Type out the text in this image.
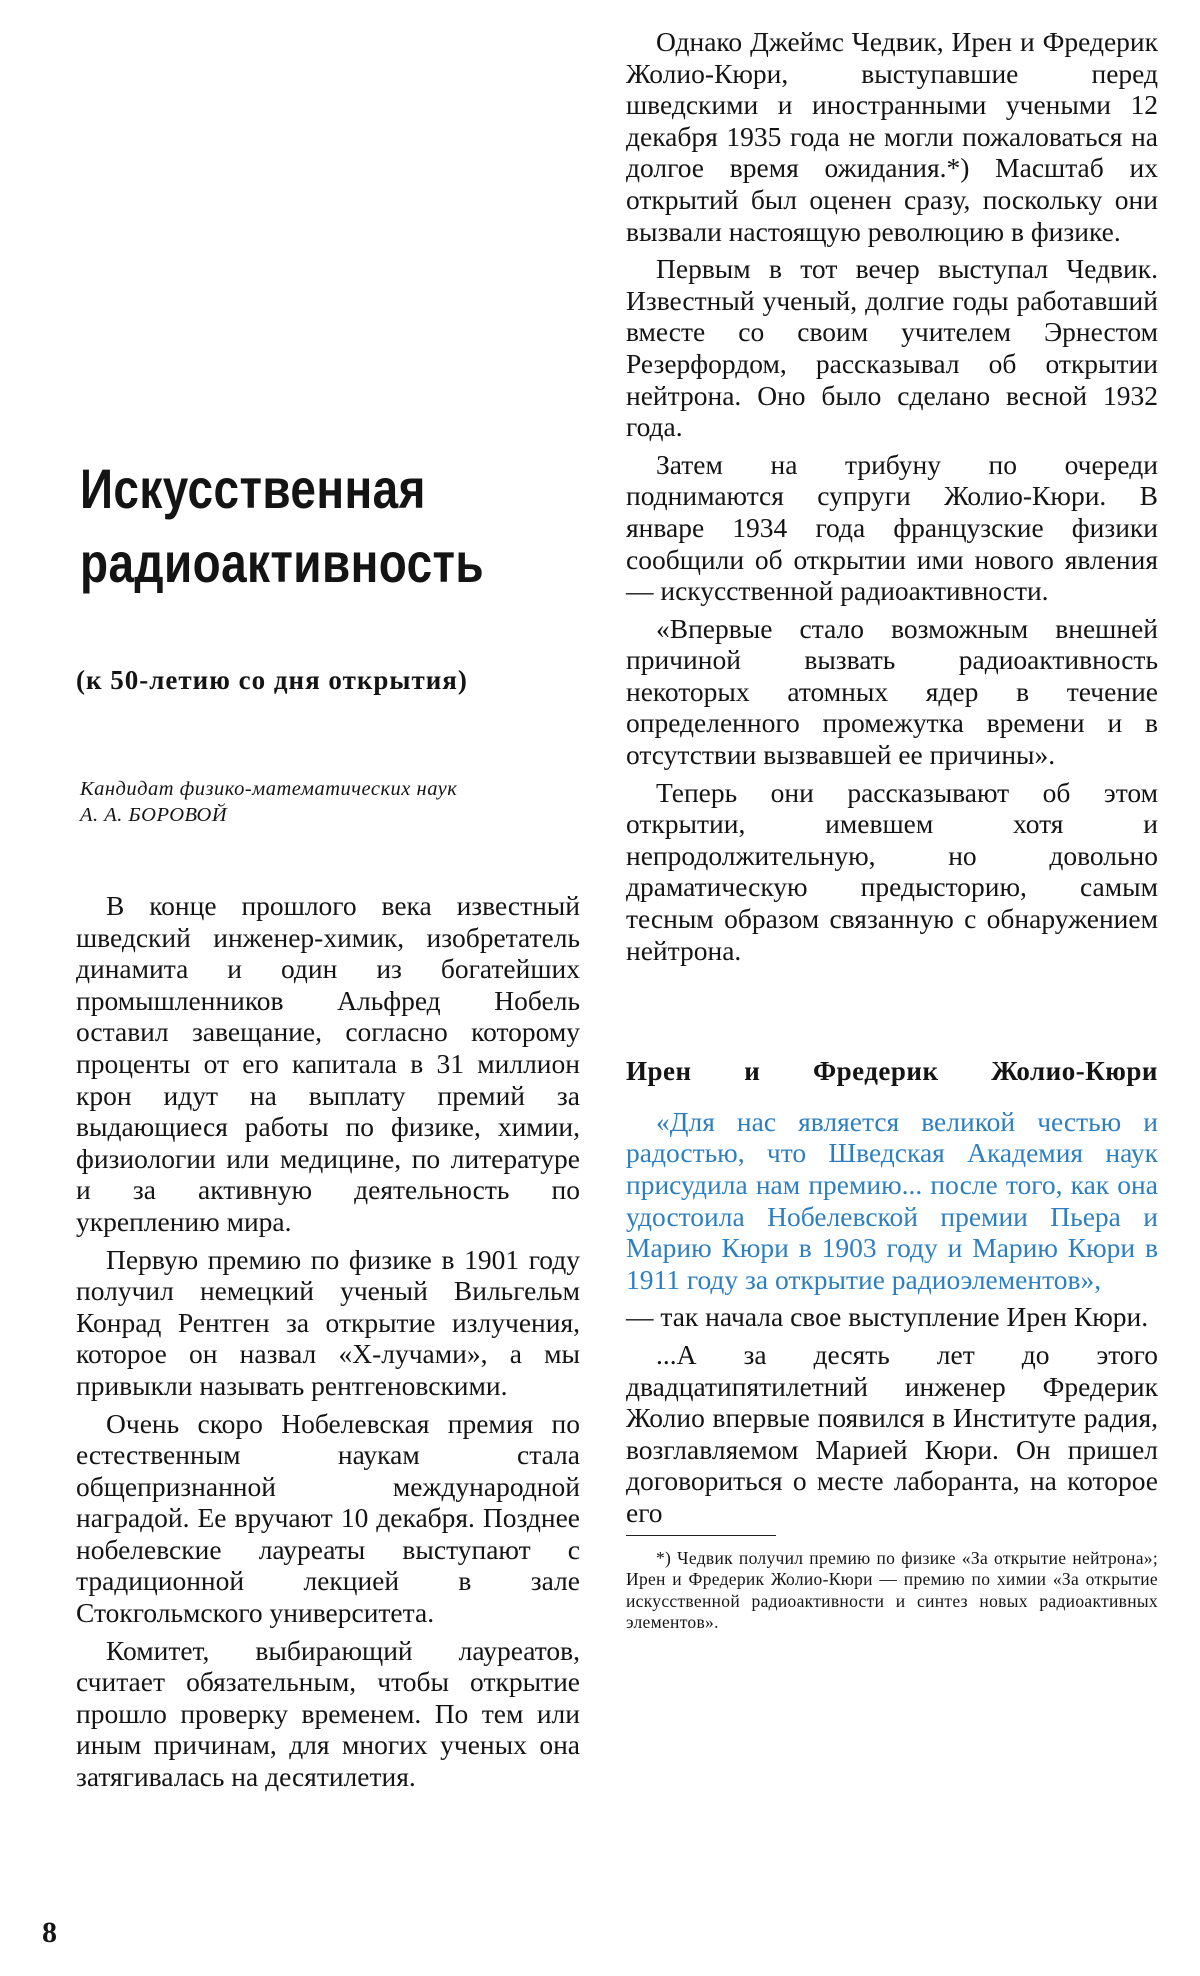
В конце прошлого века известный шведский инженер-химик, изобретатель динамита и один из богатейших промышленников Альфред Нобель оставил завещание, согласно которому проценты от его капитала в 31 миллион крон идут на выплату премий за выдающиеся работы по физике, химии, физиологии или медицине, по литературе и за активную деятельность по укреплению мира.

Первую премию по физике в 1901 году получил немецкий ученый Вильгельм Конрад Рентген за открытие излучения, которое он назвал «X-лучами», а мы привыкли называть рентгеновскими.

Очень скоро Нобелевская премия по естественным наукам стала общепризнанной международной наградой. Ее вручают 10 декабря. Позднее нобелевские лауреаты выступают с традиционной лекцией в зале Стокгольмского университета.

Комитет, выбирающий лауреатов, считает обязательным, чтобы открытие прошло проверку временем. По тем или иным причинам, для многих ученых она затягивалась на десятилетия.

Искусственная
радиоактивность

(к 50-летию со дня открытия)

Кандидат физико-математических наук
А. А. БОРОВОЙ

Однако Джеймс Чедвик, Ирен и Фредерик Жолио-Кюри, выступавшие перед шведскими и иностранными учеными 12 декабря 1935 года не могли пожаловаться на долгое время ожидания.*) Масштаб их открытий был оценен сразу, поскольку они вызвали настоящую революцию в физике.

Первым в тот вечер выступал Чедвик. Известный ученый, долгие годы работавший вместе со своим учителем Эрнестом Резерфордом, рассказывал об открытии нейтрона. Оно было сделано весной 1932 года.

Затем на трибуну по очереди поднимаются супруги Жолио-Кюри. В январе 1934 года французские физики сообщили об открытии ими нового явления — искусственной радиоактивности.

«Впервые стало возможным внешней причиной вызвать радиоактивность некоторых атомных ядер в течение определенного промежутка времени и в отсутствии вызвавшей ее причины».

Теперь они рассказывают об этом открытии, имевшем хотя и непродолжительную, но довольно драматическую предысторию, самым тесным образом связанную с обнаружением нейтрона.

Ирен и Фредерик Жолио-Кюри

«Для нас является великой честью и радостью, что Шведская Академия наук присудила нам премию... после того, как она удостоила Нобелевской премии Пьера и Марию Кюри в 1903 году и Марию Кюри в 1911 году за открытие радиоэлементов»,

— так начала свое выступление Ирен Кюри.

...А за десять лет до этого двадцатипятилетний инженер Фредерик Жолио впервые появился в Институте радия, возглавляемом Марией Кюри. Он пришел договориться о месте лаборанта, на которое его

*) Чедвик получил премию по физике «За открытие нейтрона»; Ирен и Фредерик Жолио-Кюри — премию по химии «За открытие искусственной радиоактивности и синтез новых радиоактивных элементов».

8
